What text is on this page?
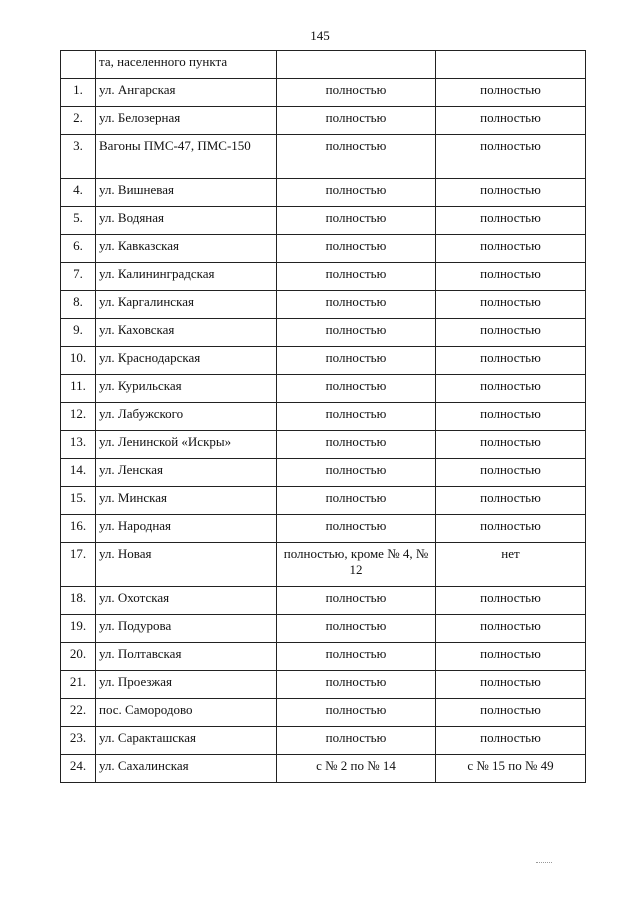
145
	та, населенного пункта		
1.	ул. Ангарская	полностью	полностью
2.	ул. Белозерная	полностью	полностью
3.	Вагоны ПМС-47, ПМС-150	полностью	полностью
4.	ул. Вишневая	полностью	полностью
5.	ул. Водяная	полностью	полностью
6.	ул. Кавказская	полностью	полностью
7.	ул. Калининградская	полностью	полностью
8.	ул. Каргалинская	полностью	полностью
9.	ул. Каховская	полностью	полностью
10.	ул. Краснодарская	полностью	полностью
11.	ул. Курильская	полностью	полностью
12.	ул. Лабужского	полностью	полностью
13.	ул. Ленинской «Искры»	полностью	полностью
14.	ул. Ленская	полностью	полностью
15.	ул. Минская	полностью	полностью
16.	ул. Народная	полностью	полностью
17.	ул. Новая	полностью, кроме № 4, № 12	нет
18.	ул. Охотская	полностью	полностью
19.	ул. Подурова	полностью	полностью
20.	ул. Полтавская	полностью	полностью
21.	ул. Проезжая	полностью	полностью
22.	пос. Самородово	полностью	полностью
23.	ул. Саракташская	полностью	полностью
24.	ул. Сахалинская	с № 2 по № 14	с № 15 по № 49
